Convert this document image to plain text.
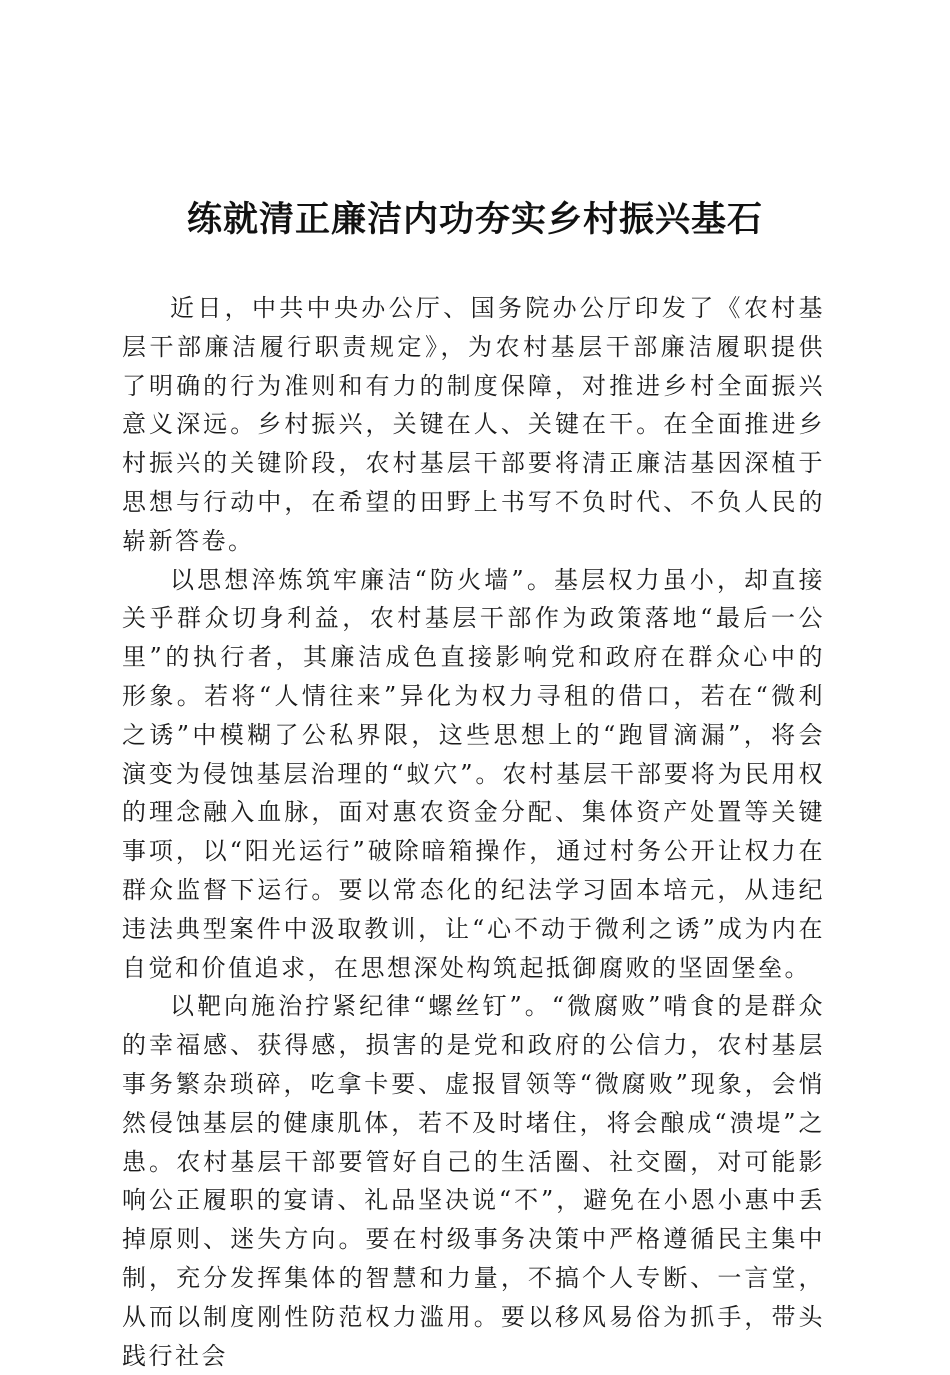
练就清正廉洁内功夯实乡村振兴基石

近日，中共中央办公厅、国务院办公厅印发了《农村基层干部廉洁履行职责规定》，为农村基层干部廉洁履职提供了明确的行为准则和有力的制度保障，对推进乡村全面振兴意义深远。乡村振兴，关键在人、关键在干。在全面推进乡村振兴的关键阶段，农村基层干部要将清正廉洁基因深植于思想与行动中，在希望的田野上书写不负时代、不负人民的崭新答卷。

以思想淬炼筑牢廉洁“防火墙”。基层权力虽小，却直接关乎群众切身利益，农村基层干部作为政策落地“最后一公里”的执行者，其廉洁成色直接影响党和政府在群众心中的形象。若将“人情往来”异化为权力寻租的借口，若在“微利之诱”中模糊了公私界限，这些思想上的“跑冒滴漏”，将会演变为侵蚀基层治理的“蚁穴”。农村基层干部要将为民用权的理念融入血脉，面对惠农资金分配、集体资产处置等关键事项，以“阳光运行”破除暗箱操作，通过村务公开让权力在群众监督下运行。要以常态化的纪法学习固本培元，从违纪违法典型案件中汲取教训，让“心不动于微利之诱”成为内在自觉和价值追求，在思想深处构筑起抵御腐败的坚固堡垒。

以靶向施治拧紧纪律“螺丝钉”。“微腐败”啃食的是群众的幸福感、获得感，损害的是党和政府的公信力，农村基层事务繁杂琐碎，吃拿卡要、虚报冒领等“微腐败”现象，会悄然侵蚀基层的健康肌体，若不及时堵住，将会酿成“溃堤”之患。农村基层干部要管好自己的生活圈、社交圈，对可能影响公正履职的宴请、礼品坚决说“不”，避免在小恩小惠中丢掉原则、迷失方向。要在村级事务决策中严格遵循民主集中制，充分发挥集体的智慧和力量，不搞个人专断、一言堂，从而以制度刚性防范权力滥用。要以移风易俗为抓手，带头践行社会
